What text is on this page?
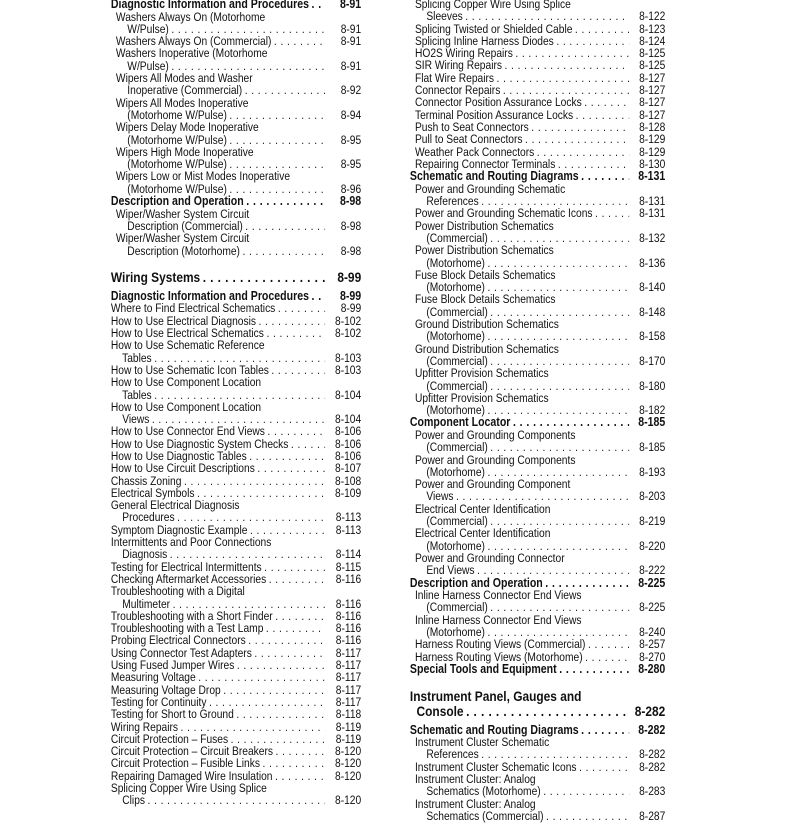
Diagnostic Information and Procedures . . .	8-91
Washers Always On (Motorhome
W/Pulse) . . .	8-91
Washers Always On (Commercial) . . .	8-91
Washers Inoperative (Motorhome
W/Pulse) . . .	8-91
Wipers All Modes and Washer
Inoperative (Commercial) . . .	8-92
Wipers All Modes Inoperative
(Motorhome W/Pulse) . . .	8-94
Wipers Delay Mode Inoperative
(Motorhome W/Pulse) . . .	8-95
Wipers High Mode Inoperative
(Motorhome W/Pulse) . . .	8-95
Wipers Low or Mist Modes Inoperative
(Motorhome W/Pulse) . . .	8-96
Description and Operation . . .	8-98
Wiper/Washer System Circuit
Description (Commercial) . . .	8-98
Wiper/Washer System Circuit
Description (Motorhome) . . .	8-98
Wiring Systems . . .	8-99
Diagnostic Information and Procedures . . .	8-99
Where to Find Electrical Schematics . . .	8-99
How to Use Electrical Diagnosis . . .	8-102
How to Use Electrical Schematics . . .	8-102
How to Use Schematic Reference
Tables . . .	8-103
How to Use Schematic Icon Tables . . .	8-103
How to Use Component Location
Tables . . .	8-104
How to Use Component Location
Views . . .	8-104
How to Use Connector End Views . . .	8-106
How to Use Diagnostic System Checks . . .	8-106
How to Use Diagnostic Tables . . .	8-106
How to Use Circuit Descriptions . . .	8-107
Chassis Zoning . . .	8-108
Electrical Symbols . . .	8-109
General Electrical Diagnosis
Procedures . . .	8-113
Symptom Diagnostic Example . . .	8-113
Intermittents and Poor Connections
Diagnosis . . .	8-114
Testing for Electrical Intermittents . . .	8-115
Checking Aftermarket Accessories . . .	8-116
Troubleshooting with a Digital
Multimeter . . .	8-116
Troubleshooting with a Short Finder . . .	8-116
Troubleshooting with a Test Lamp . . .	8-116
Probing Electrical Connectors . . .	8-116
Using Connector Test Adapters . . .	8-117
Using Fused Jumper Wires . . .	8-117
Measuring Voltage . . .	8-117
Measuring Voltage Drop . . .	8-117
Testing for Continuity . . .	8-117
Testing for Short to Ground . . .	8-118
Wiring Repairs . . .	8-119
Circuit Protection – Fuses . . .	8-119
Circuit Protection – Circuit Breakers . . .	8-120
Circuit Protection – Fusible Links . . .	8-120
Repairing Damaged Wire Insulation . . .	8-120
Splicing Copper Wire Using Splice
Clips . . .	8-120
Splicing Copper Wire Using Splice
Sleeves . . .	8-122
Splicing Twisted or Shielded Cable . . .	8-123
Splicing Inline Harness Diodes . . .	8-124
HO2S Wiring Repairs . . .	8-125
SIR Wiring Repairs . . .	8-125
Flat Wire Repairs . . .	8-127
Connector Repairs . . .	8-127
Connector Position Assurance Locks . . .	8-127
Terminal Position Assurance Locks . . .	8-127
Push to Seat Connectors . . .	8-128
Pull to Seat Connectors . . .	8-129
Weather Pack Connectors . . .	8-129
Repairing Connector Terminals . . .	8-130
Schematic and Routing Diagrams . . .	8-131
Power and Grounding Schematic
References . . .	8-131
Power and Grounding Schematic Icons . . .	8-131
Power Distribution Schematics
(Commercial) . . .	8-132
Power Distribution Schematics
(Motorhome) . . .	8-136
Fuse Block Details Schematics
(Motorhome) . . .	8-140
Fuse Block Details Schematics
(Commercial) . . .	8-148
Ground Distribution Schematics
(Motorhome) . . .	8-158
Ground Distribution Schematics
(Commercial) . . .	8-170
Upfitter Provision Schematics
(Commercial) . . .	8-180
Upfitter Provision Schematics
(Motorhome) . . .	8-182
Component Locator . . .	8-185
Power and Grounding Components
(Commercial) . . .	8-185
Power and Grounding Components
(Motorhome) . . .	8-193
Power and Grounding Component
Views . . .	8-203
Electrical Center Identification
(Commercial) . . .	8-219
Electrical Center Identification
(Motorhome) . . .	8-220
Power and Grounding Connector
End Views . . .	8-222
Description and Operation . . .	8-225
Inline Harness Connector End Views
(Commercial) . . .	8-225
Inline Harness Connector End Views
(Motorhome) . . .	8-240
Harness Routing Views (Commercial) . . .	8-257
Harness Routing Views (Motorhome) . . .	8-270
Special Tools and Equipment . . .	8-280
Instrument Panel, Gauges and
Console . . .	8-282
Schematic and Routing Diagrams . . .	8-282
Instrument Cluster Schematic
References . . .	8-282
Instrument Cluster Schematic Icons . . .	8-282
Instrument Cluster: Analog
Schematics (Motorhome) . . .	8-283
Instrument Cluster: Analog
Schematics (Commercial) . . .	8-287
